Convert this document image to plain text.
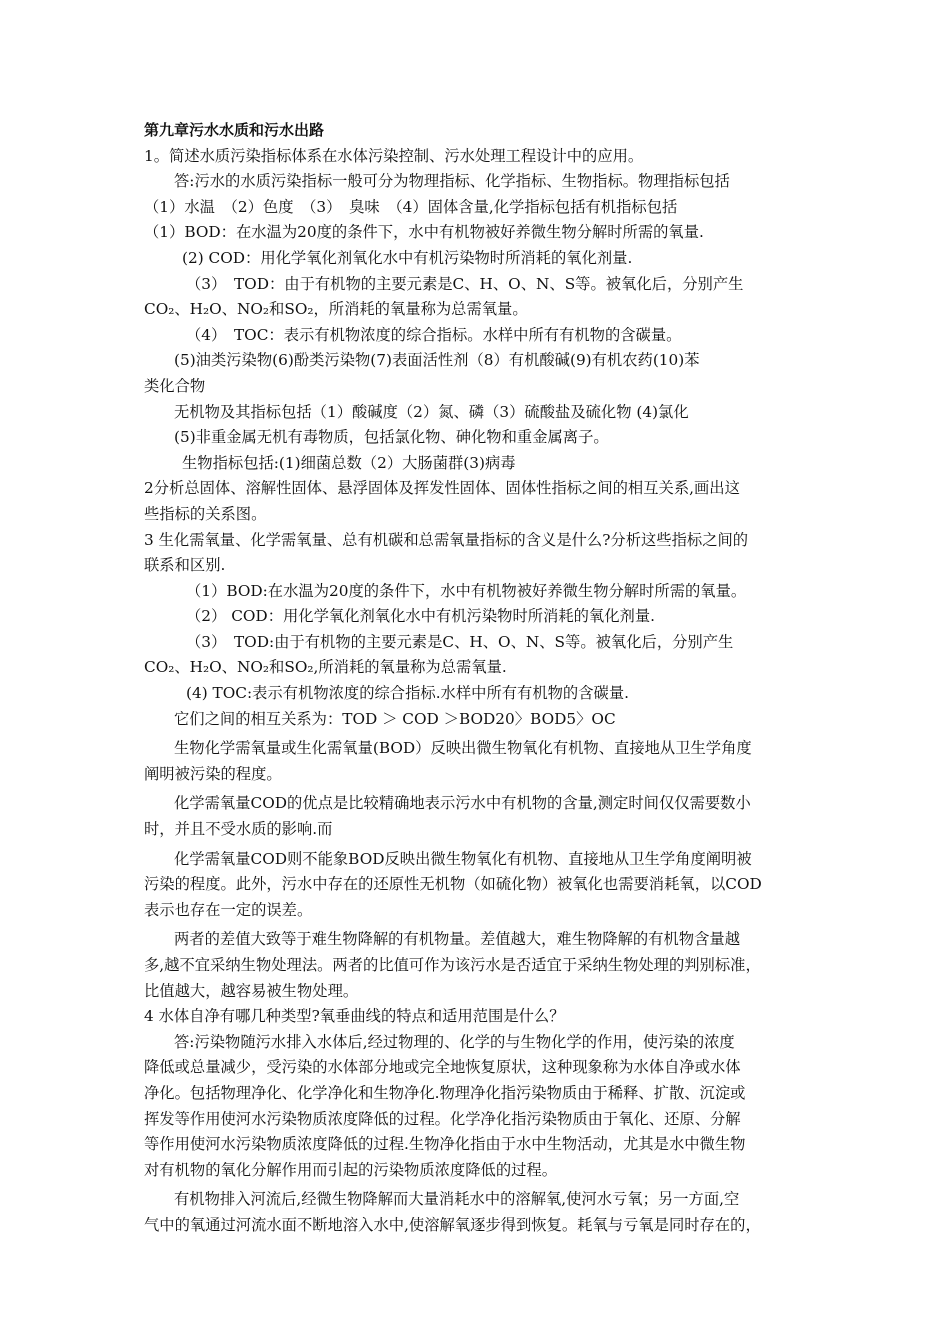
第九章污水水质和污水出路
1。简述水质污染指标体系在水体污染控制、污水处理工程设计中的应用。
答:污水的水质污染指标一般可分为物理指标、化学指标、生物指标。物理指标包括
（1）水温　（2）色度　（3）　臭味　（4）固体含量,化学指标包括有机指标包括
（1）BOD：在水温为20度的条件下，水中有机物被好养微生物分解时所需的氧量.
(2) COD：用化学氧化剂氧化水中有机污染物时所消耗的氧化剂量.
（3）　TOD：由于有机物的主要元素是C、H、O、N、S等。被氧化后，分别产生
CO₂、H₂O、NO₂和SO₂，所消耗的氧量称为总需氧量。
（4）　TOC：表示有机物浓度的综合指标。水样中所有有机物的含碳量。
(5)油类污染物(6)酚类污染物(7)表面活性剂（8）有机酸碱(9)有机农药(10)苯
类化合物
无机物及其指标包括（1）酸碱度（2）氮、磷（3）硫酸盐及硫化物 (4)氯化
(5)非重金属无机有毒物质，包括氯化物、砷化物和重金属离子。
生物指标包括:(1)细菌总数（2）大肠菌群(3)病毒
2分析总固体、溶解性固体、悬浮固体及挥发性固体、固体性指标之间的相互关系,画出这
些指标的关系图。
3 生化需氧量、化学需氧量、总有机碳和总需氧量指标的含义是什么?分析这些指标之间的
联系和区别.
（1）BOD:在水温为20度的条件下，水中有机物被好养微生物分解时所需的氧量。
（2） COD：用化学氧化剂氧化水中有机污染物时所消耗的氧化剂量.
（3）　TOD:由于有机物的主要元素是C、H、O、N、S等。被氧化后，分别产生
CO₂、H₂O、NO₂和SO₂,所消耗的氧量称为总需氧量.
(4) TOC:表示有机物浓度的综合指标.水样中所有有机物的含碳量.
它们之间的相互关系为：TOD ＞ COD ＞BOD20〉BOD5〉OC
生物化学需氧量或生化需氧量(BOD）反映出微生物氧化有机物、直接地从卫生学角度
阐明被污染的程度。
化学需氧量COD的优点是比较精确地表示污水中有机物的含量,测定时间仅仅需要数小
时，并且不受水质的影响.而
化学需氧量COD则不能象BOD反映出微生物氧化有机物、直接地从卫生学角度阐明被
污染的程度。此外，污水中存在的还原性无机物（如硫化物）被氧化也需要消耗氧，以COD
表示也存在一定的误差。
两者的差值大致等于难生物降解的有机物量。差值越大，难生物降解的有机物含量越
多,越不宜采纳生物处理法。两者的比值可作为该污水是否适宜于采纳生物处理的判别标准，
比值越大，越容易被生物处理。
4 水体自净有哪几种类型?氧垂曲线的特点和适用范围是什么？
答:污染物随污水排入水体后,经过物理的、化学的与生物化学的作用，使污染的浓度
降低或总量减少，受污染的水体部分地或完全地恢复原状，这种现象称为水体自净或水体
净化。包括物理净化、化学净化和生物净化.物理净化指污染物质由于稀释、扩散、沉淀或
挥发等作用使河水污染物质浓度降低的过程。化学净化指污染物质由于氧化、还原、分解
等作用使河水污染物质浓度降低的过程.生物净化指由于水中生物活动，尤其是水中微生物
对有机物的氧化分解作用而引起的污染物质浓度降低的过程。
有机物排入河流后,经微生物降解而大量消耗水中的溶解氧,使河水亏氧；另一方面,空
气中的氧通过河流水面不断地溶入水中,使溶解氧逐步得到恢复。耗氧与亏氧是同时存在的，
